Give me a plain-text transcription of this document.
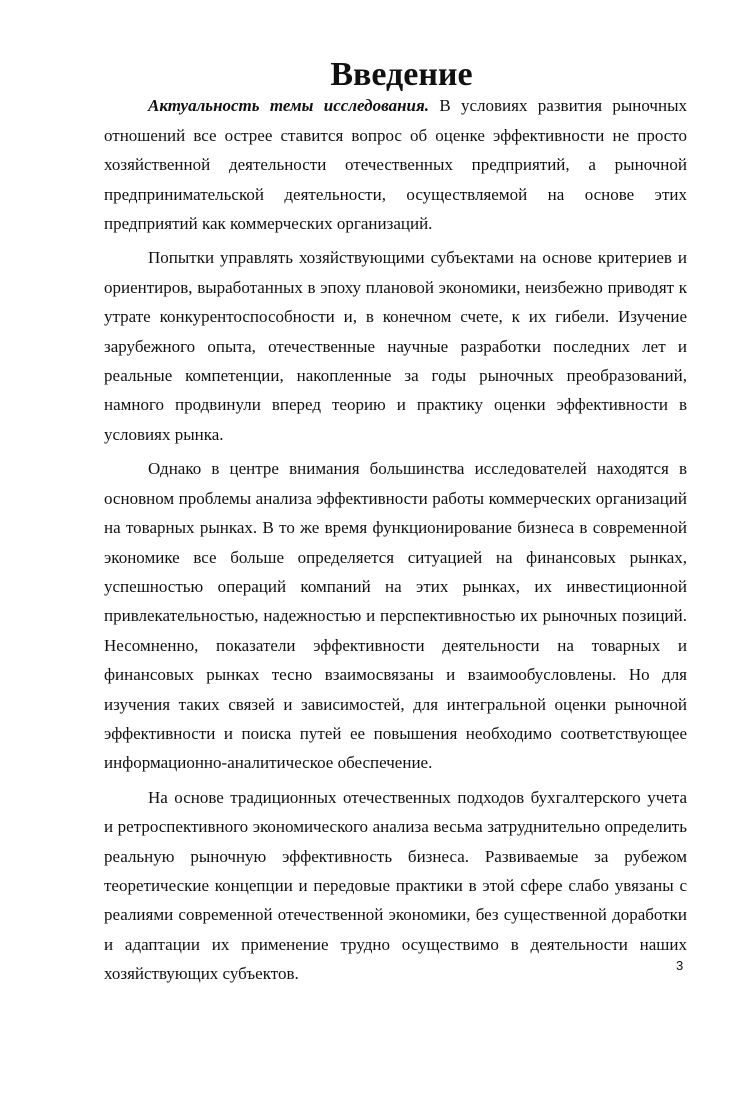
Введение

Актуальность темы исследования. В условиях развития рыночных отношений все острее ставится вопрос об оценке эффективности не просто хозяйственной деятельности отечественных предприятий, а рыночной предпринимательской деятельности, осуществляемой на основе этих предприятий как коммерческих организаций.

Попытки управлять хозяйствующими субъектами на основе критериев и ориентиров, выработанных в эпоху плановой экономики, неизбежно приводят к утрате конкурентоспособности и, в конечном счете, к их гибели. Изучение зарубежного опыта, отечественные научные разработки последних лет и реальные компетенции, накопленные за годы рыночных преобразований, намного продвинули вперед теорию и практику оценки эффективности в условиях рынка.

Однако в центре внимания большинства исследователей находятся в основном проблемы анализа эффективности работы коммерческих организаций на товарных рынках. В то же время функционирование бизнеса в современной экономике все больше определяется ситуацией на финансовых рынках, успешностью операций компаний на этих рынках, их инвестиционной привлекательностью, надежностью и перспективностью их рыночных позиций. Несомненно, показатели эффективности деятельности на товарных и финансовых рынках тесно взаимосвязаны и взаимообусловлены. Но для изучения таких связей и зависимостей, для интегральной оценки рыночной эффективности и поиска путей ее повышения необходимо соответствующее информационно-аналитическое обеспечение.

На основе традиционных отечественных подходов бухгалтерского учета и ретроспективного экономического анализа весьма затруднительно определить реальную рыночную эффективность бизнеса. Развиваемые за рубежом теоретические концепции и передовые практики в этой сфере слабо увязаны с реалиями современной отечественной экономики, без существенной доработки и адаптации их применение трудно осуществимо в деятельности наших хозяйствующих субъектов.	3
